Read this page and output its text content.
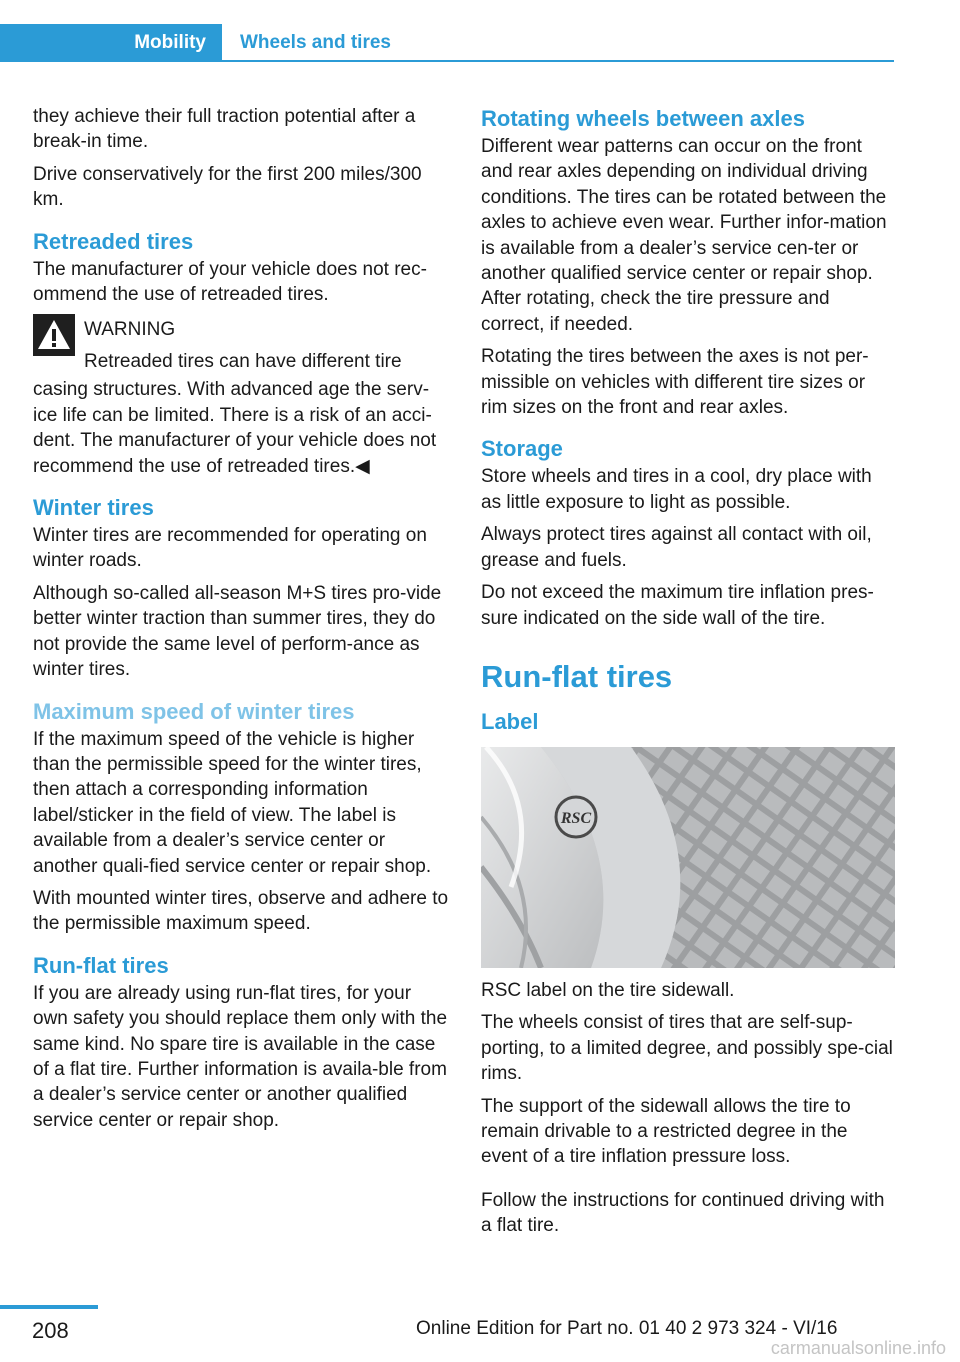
Mobility Wheels and tires

they achieve their full traction potential after a break-in time.

Drive conservatively for the first 200 miles/300 km.

Retreaded tires

The manufacturer of your vehicle does not rec‐ommend the use of retreaded tires.

WARNING
Retreaded tires can have different tire

casing structures. With advanced age the serv‐ice life can be limited. There is a risk of an acci‐dent. The manufacturer of your vehicle does not recommend the use of retreaded tires.◀

Winter tires

Winter tires are recommended for operating on winter roads.

Although so-called all-season M+S tires pro‐vide better winter traction than summer tires, they do not provide the same level of perform‐ance as winter tires.

Maximum speed of winter tires

If the maximum speed of the vehicle is higher than the permissible speed for the winter tires, then attach a corresponding information label/sticker in the field of view. The label is available from a dealer’s service center or another quali‐fied service center or repair shop.

With mounted winter tires, observe and adhere to the permissible maximum speed.

Run-flat tires

If you are already using run-flat tires, for your own safety you should replace them only with the same kind. No spare tire is available in the case of a flat tire. Further information is availa‐ble from a dealer’s service center or another qualified service center or repair shop.

Rotating wheels between axles

Different wear patterns can occur on the front and rear axles depending on individual driving conditions. The tires can be rotated between the axles to achieve even wear. Further infor‐mation is available from a dealer’s service cen‐ter or another qualified service center or repair shop. After rotating, check the tire pressure and correct, if needed.

Rotating the tires between the axes is not per‐missible on vehicles with different tire sizes or rim sizes on the front and rear axles.

Storage

Store wheels and tires in a cool, dry place with as little exposure to light as possible.

Always protect tires against all contact with oil, grease and fuels.

Do not exceed the maximum tire inflation pres‐sure indicated on the side wall of the tire.

Run-flat tires
Label
RSC

RSC label on the tire sidewall.

The wheels consist of tires that are self-sup‐porting, to a limited degree, and possibly spe‐cial rims.

The support of the sidewall allows the tire to remain drivable to a restricted degree in the event of a tire inflation pressure loss.

Follow the instructions for continued driving with a flat tire.

208	Online Edition for Part no. 01 40 2 973 324 - VI/16
carmanualsonline.info
